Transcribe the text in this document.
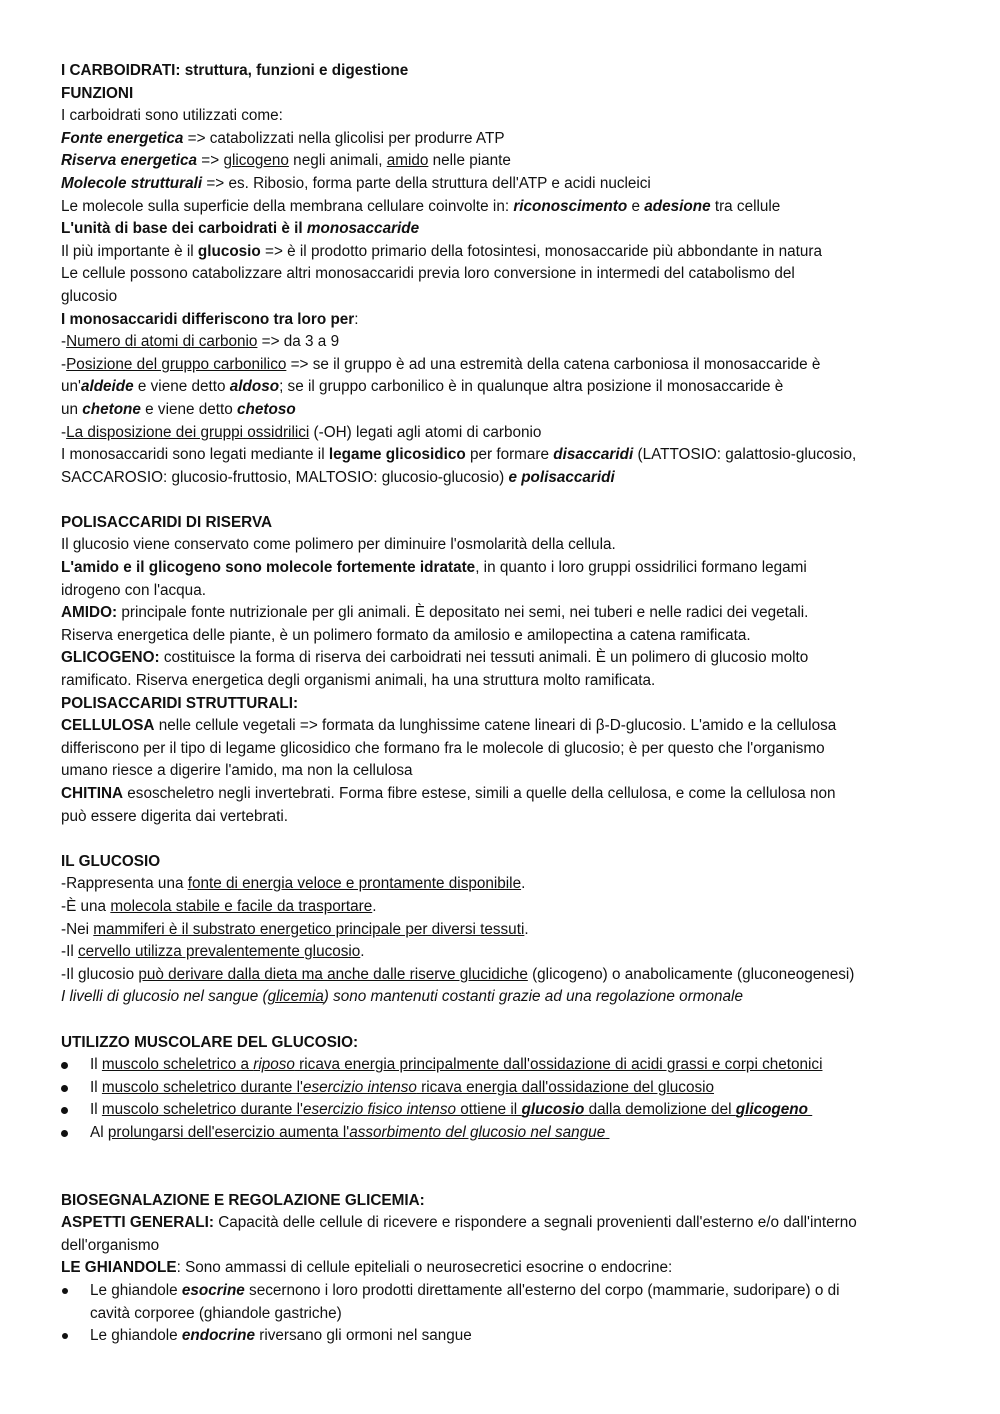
I CARBOIDRATI: struttura, funzioni e digestione
FUNZIONI
I carboidrati sono utilizzati come:
Fonte energetica => catabolizzati nella glicolisi per produrre ATP
Riserva energetica => glicogeno negli animali, amido nelle piante
Molecole strutturali => es. Ribosio, forma parte della struttura dell'ATP e acidi nucleici
Le molecole sulla superficie della membrana cellulare coinvolte in: riconoscimento e adesione tra cellule
L'unità di base dei carboidrati è il monosaccaride
Il più importante è il glucosio => è il prodotto primario della fotosintesi, monosaccaride più abbondante in natura
Le cellule possono catabolizzare altri monosaccaridi previa loro conversione in intermedi del catabolismo del
glucosio
I monosaccaridi differiscono tra loro per:
-Numero di atomi di carbonio => da 3 a 9
-Posizione del gruppo carbonilico => se il gruppo è ad una estremità della catena carboniosa il monosaccaride è
un'aldeide e viene detto aldoso; se il gruppo carbonilico è in qualunque altra posizione il monosaccaride è
un chetone e viene detto chetoso
-La disposizione dei gruppi ossidrilici (-OH) legati agli atomi di carbonio
I monosaccaridi sono legati mediante il legame glicosidico per formare disaccaridi (LATTOSIO: galattosio-glucosio,
SACCAROSIO: glucosio-fruttosio, MALTOSIO: glucosio-glucosio) e polisaccaridi
POLISACCARIDI DI RISERVA
Il glucosio viene conservato come polimero per diminuire l'osmolarità della cellula.
L'amido e il glicogeno sono molecole fortemente idratate, in quanto i loro gruppi ossidrilici formano legami
idrogeno con l'acqua.
AMIDO: principale fonte nutrizionale per gli animali. È depositato nei semi, nei tuberi e nelle radici dei vegetali.
Riserva energetica delle piante, è un polimero formato da amilosio e amilopectina a catena ramificata.
GLICOGENO: costituisce la forma di riserva dei carboidrati nei tessuti animali. È un polimero di glucosio molto
ramificato. Riserva energetica degli organismi animali, ha una struttura molto ramificata.
POLISACCARIDI STRUTTURALI:
CELLULOSA nelle cellule vegetali => formata da lunghissime catene lineari di β-D-glucosio. L'amido e la cellulosa
differiscono per il tipo di legame glicosidico che formano fra le molecole di glucosio; è per questo che l'organismo
umano riesce a digerire l'amido, ma non la cellulosa
CHITINA esoscheletro negli invertebrati. Forma fibre estese, simili a quelle della cellulosa, e come la cellulosa non
può essere digerita dai vertebrati.
IL GLUCOSIO
-Rappresenta una fonte di energia veloce e prontamente disponibile.
-È una molecola stabile e facile da trasportare.
-Nei mammiferi è il substrato energetico principale per diversi tessuti.
-Il cervello utilizza prevalentemente glucosio.
-Il glucosio può derivare dalla dieta ma anche dalle riserve glucidiche (glicogeno) o anabolicamente (gluconeogenesi)
I livelli di glucosio nel sangue (glicemia) sono mantenuti costanti grazie ad una regolazione ormonale
UTILIZZO MUSCOLARE DEL GLUCOSIO:
Il muscolo scheletrico a riposo ricava energia principalmente dall'ossidazione di acidi grassi e corpi chetonici
Il muscolo scheletrico durante l'esercizio intenso ricava energia dall'ossidazione del glucosio
Il muscolo scheletrico durante l'esercizio fisico intenso ottiene il glucosio dalla demolizione del glicogeno
Al prolungarsi dell'esercizio aumenta l'assorbimento del glucosio nel sangue
BIOSEGNALAZIONE E REGOLAZIONE GLICEMIA:
ASPETTI GENERALI: Capacità delle cellule di ricevere e rispondere a segnali provenienti dall'esterno e/o dall'interno
dell'organismo
LE GHIANDOLE: Sono ammassi di cellule epiteliali o neurosecretici esocrine o endocrine:
Le ghiandole esocrine secernono i loro prodotti direttamente all'esterno del corpo (mammarie, sudoripare) o di
cavità corporee (ghiandole gastriche)
Le ghiandole endocrine riversano gli ormoni nel sangue
